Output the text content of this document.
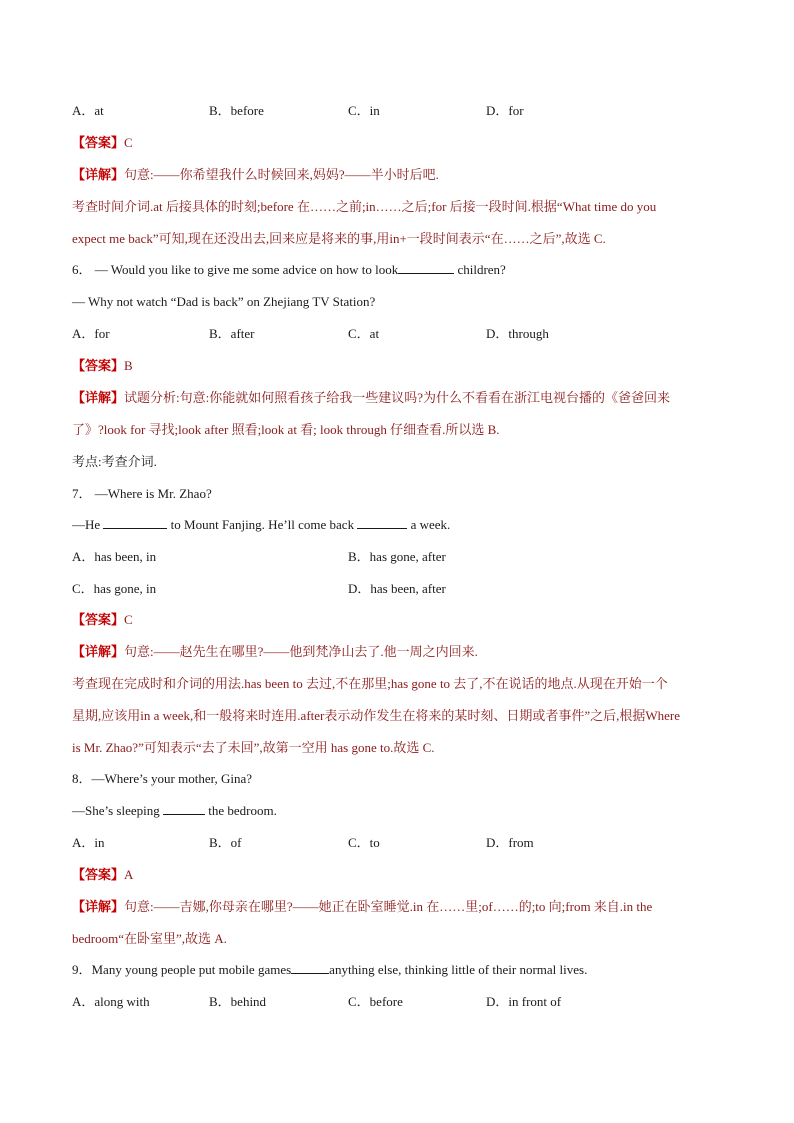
A．at	B．before	C．in	D．for
【答案】C
【详解】句意:——你希望我什么时候回来,妈妈?——半小时后吧.
考查时间介词.at 后接具体的时刻;before 在……之前;in……之后;for 后接一段时间.根据“What time do you
expect me back”可知,现在还没出去,回来应是将来的事,用in+一段时间表示“在……之后”,故选 C.
6． — Would you like to give me some advice on how to look	children?
— Why not watch “Dad is back” on Zhejiang TV Station?
A．for	B．after	C．at	D．through
【答案】B
【详解】试题分析:句意:你能就如何照看孩子给我一些建议吗?为什么不看看在浙江电视台播的《爸爸回来
了》?look for 寻找;look after 照看;look at 看; look through 仔细查看.所以选 B.
考点:考查介词.
7． —Where is Mr. Zhao?
—He	to Mount Fanjing. He’ll come back	a week.
A．has been, in	B．has gone, after
C．has gone, in	D．has been, after
【答案】C
【详解】句意:——赵先生在哪里?——他到梵净山去了.他一周之内回来.
考查现在完成时和介词的用法.has been to 去过,不在那里;has gone to 去了,不在说话的地点.从现在开始一个
星期,应该用in a week,和一般将来时连用.after表示动作发生在将来的某时刻、日期或者事件”之后,根据Where
is Mr. Zhao?”可知表示“去了未回”,故第一空用 has gone to.故选 C.
8．—Where’s your mother, Gina?
—She’s sleeping	the bedroom.
A．in	B．of	C．to	D．from
【答案】A
【详解】句意:——吉娜,你母亲在哪里?——她正在卧室睡觉.in 在……里;of……的;to 向;from 来自.in the
bedroom“在卧室里”,故选 A.
9．Many young people put mobile games	anything else, thinking little of their normal lives.
A．along with	B．behind	C．before	D．in front of
